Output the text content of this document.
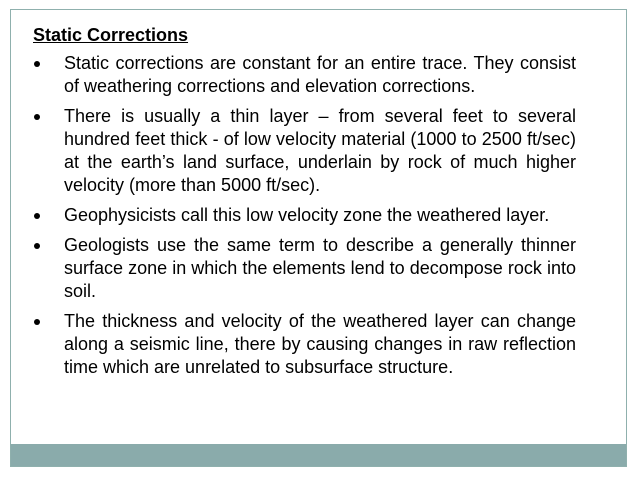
Static Corrections
Static corrections are constant for an entire trace. They consist of weathering corrections and elevation corrections.
There is usually a thin layer – from several feet to several hundred feet thick - of low velocity material (1000 to 2500 ft/sec) at the earth’s land surface, underlain by rock of much higher velocity (more than 5000 ft/sec).
Geophysicists call this low velocity zone the weathered layer.
Geologists use the same term to describe a generally thinner surface zone in which the elements lend to decompose rock into soil.
The thickness and velocity of the weathered layer can change along a seismic line, there by causing changes in raw reflection time which are unrelated to subsurface structure.
